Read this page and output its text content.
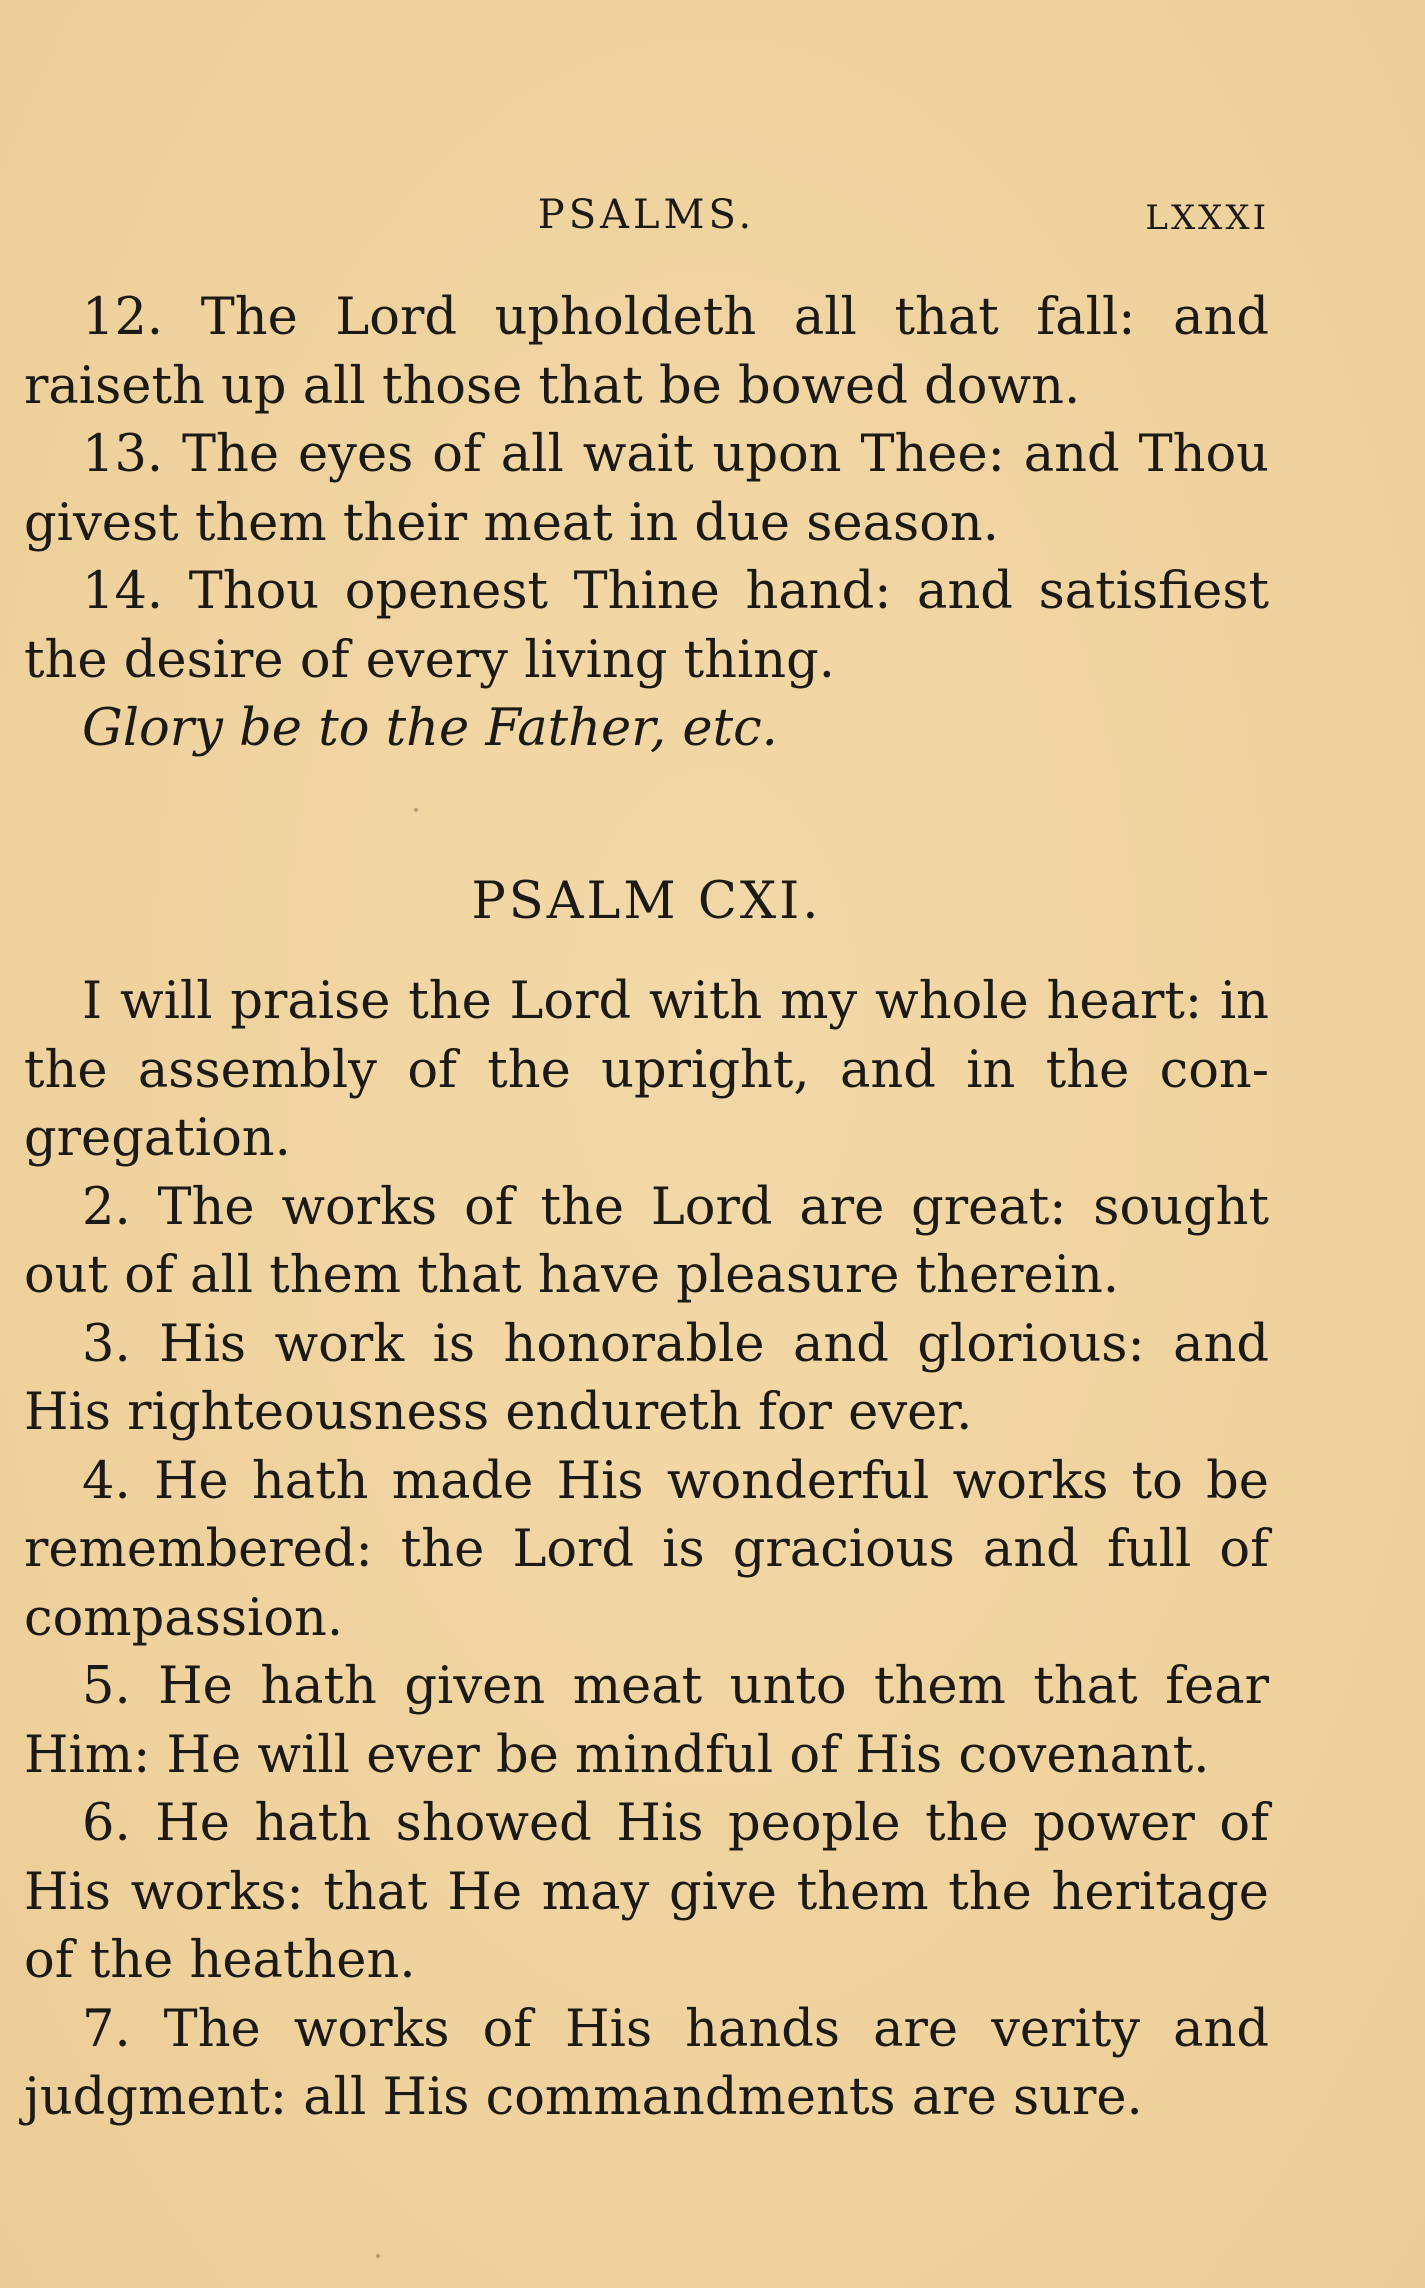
PSALMS.	LXXXI

12. The Lord upholdeth all that fall: and raiseth up all those that be bowed down.

13. The eyes of all wait upon Thee: and Thou givest them their meat in due season.

14. Thou openest Thine hand: and satisfiest the desire of every living thing.

Glory be to the Father, etc.

PSALM CXI.

I will praise the Lord with my whole heart: in the assembly of the upright, and in the congregation.

2. The works of the Lord are great: sought out of all them that have pleasure therein.

3. His work is honorable and glorious: and His righteousness endureth for ever.

4. He hath made His wonderful works to be remembered: the Lord is gracious and full of compassion.

5. He hath given meat unto them that fear Him: He will ever be mindful of His covenant.

6. He hath showed His people the power of His works: that He may give them the heritage of the heathen.

7. The works of His hands are verity and judgment: all His commandments are sure.
